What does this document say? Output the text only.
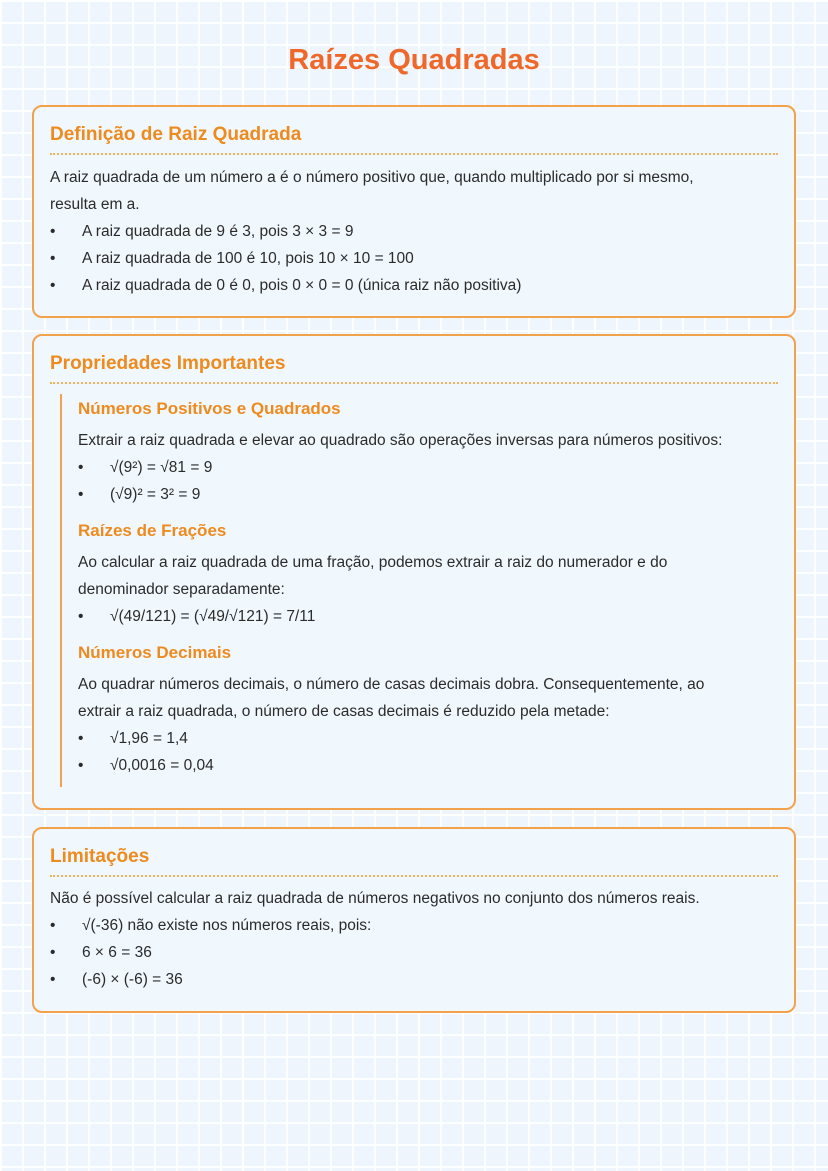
Raízes Quadradas
Definição de Raiz Quadrada
A raiz quadrada de um número a é o número positivo que, quando multiplicado por si mesmo,
resulta em a.
• A raiz quadrada de 9 é 3, pois 3 × 3 = 9
• A raiz quadrada de 100 é 10, pois 10 × 10 = 100
• A raiz quadrada de 0 é 0, pois 0 × 0 = 0 (única raiz não positiva)
Propriedades Importantes
Números Positivos e Quadrados
Extrair a raiz quadrada e elevar ao quadrado são operações inversas para números positivos:
• √(9²) = √81 = 9
• (√9)² = 3² = 9
Raízes de Frações
Ao calcular a raiz quadrada de uma fração, podemos extrair a raiz do numerador e do
denominador separadamente:
• √(49/121) = (√49/√121) = 7/11
Números Decimais
Ao quadrar números decimais, o número de casas decimais dobra. Consequentemente, ao
extrair a raiz quadrada, o número de casas decimais é reduzido pela metade:
• √1,96 = 1,4
• √0,0016 = 0,04
Limitações
Não é possível calcular a raiz quadrada de números negativos no conjunto dos números reais.
• √(-36) não existe nos números reais, pois:
• 6 × 6 = 36
• (-6) × (-6) = 36
